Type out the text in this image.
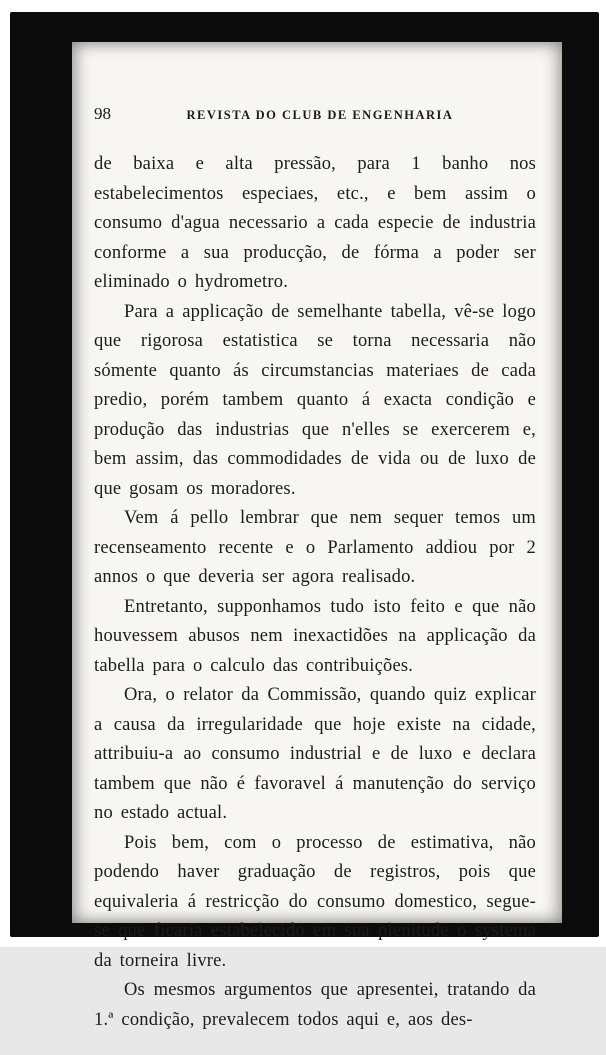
98	REVISTA DO CLUB DE ENGENHARIA

de baixa e alta pressão, para 1 banho nos estabelecimentos especiaes, etc., e bem assim o consumo d'agua necessario a cada especie de industria conforme a sua producção, de fórma a poder ser eliminado o hydrometro.

Para a applicação de semelhante tabella, vê-se logo que rigorosa estatistica se torna necessaria não sómente quanto ás circumstancias materiaes de cada predio, porém tambem quanto á exacta condição e produção das industrias que n'elles se exercerem e, bem assim, das commodidades de vida ou de luxo de que gosam os moradores.

Vem á pello lembrar que nem sequer temos um recenseamento recente e o Parlamento addiou por 2 annos o que deveria ser agora realisado.

Entretanto, supponhamos tudo isto feito e que não houvessem abusos nem inexactidões na applicação da tabella para o calculo das contribuições.

Ora, o relator da Commissão, quando quiz explicar a causa da irregularidade que hoje existe na cidade, attribuiu-a ao consumo industrial e de luxo e declara tambem que não é favoravel á manutenção do serviço no estado actual.

Pois bem, com o processo de estimativa, não podendo haver graduação de registros, pois que equivaleria á restricção do consumo domestico, segue-se que ficaria estabelecido em sua plenitude o systema da torneira livre.

Os mesmos argumentos que apresentei, tratando da 1.ª condição, prevalecem todos aqui e, aos des-
